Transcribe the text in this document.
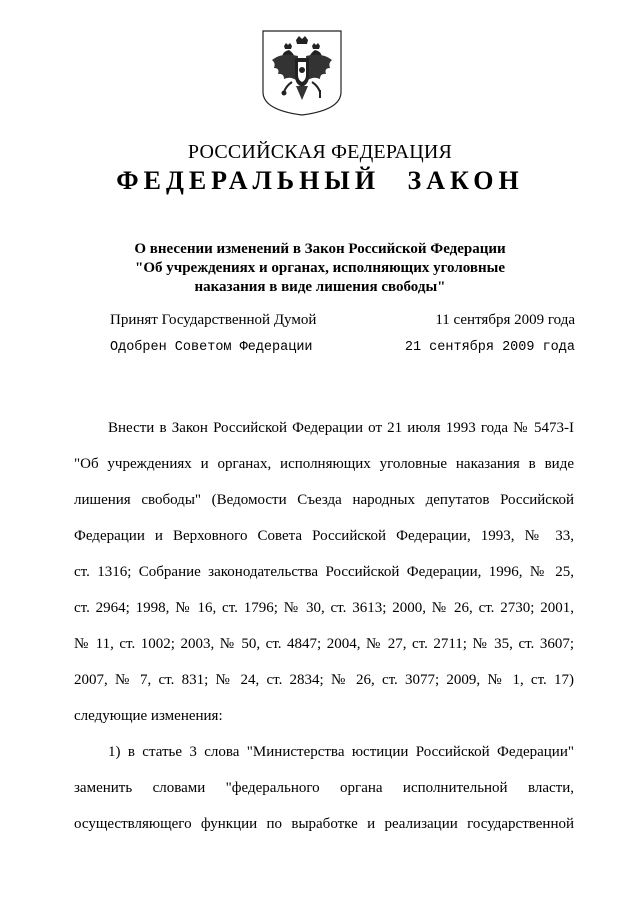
РОССИЙСКАЯ ФЕДЕРАЦИЯ
ФЕДЕРАЛЬНЫЙ ЗАКОН
О внесении изменений в Закон Российской Федерации
"Об учреждениях и органах, исполняющих уголовные
наказания в виде лишения свободы"
Принят Государственной Думой	11 сентября 2009 года
Одобрен Советом Федерации	21 сентября 2009 года
Внести в Закон Российской Федерации от 21 июля 1993 года № 5473-I
"Об учреждениях и органах, исполняющих уголовные наказания в виде
лишения свободы" (Ведомости Съезда народных депутатов Российской
Федерации и Верховного Совета Российской Федерации, 1993, № 33,
ст. 1316; Собрание законодательства Российской Федерации, 1996, № 25,
ст. 2964; 1998, № 16, ст. 1796; № 30, ст. 3613; 2000, № 26, ст. 2730; 2001,
№ 11, ст. 1002; 2003, № 50, ст. 4847; 2004, № 27, ст. 2711; № 35, ст. 3607;
2007, № 7, ст. 831; № 24, ст. 2834; № 26, ст. 3077; 2009, № 1, ст. 17)
следующие изменения:
1) в статье 3 слова "Министерства юстиции Российской Федерации"
заменить словами "федерального органа исполнительной власти,
осуществляющего функции по выработке и реализации государственной
